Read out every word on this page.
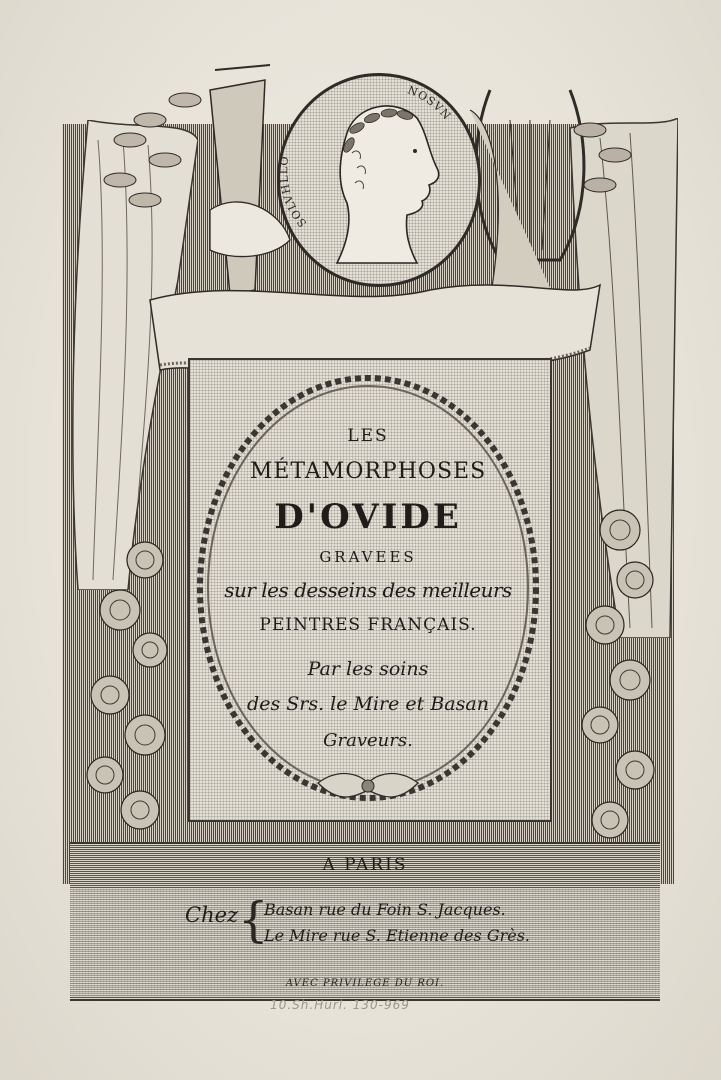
SOLVHLLO
NOSVN
LES
MÉTAMORPHOSES
D'OVIDE
GRAVEES
sur les desseins des meilleurs
PEINTRES FRANÇAIS.
Par les soins
des Srs. le Mire et Basan
Graveurs.
A PARIS
Chez {
Basan rue du Foin S. Jacques.
Le Mire rue S. Etienne des Grès.
AVEC PRIVILEGE DU ROI.
10.Sh.Hurl. 130-969
